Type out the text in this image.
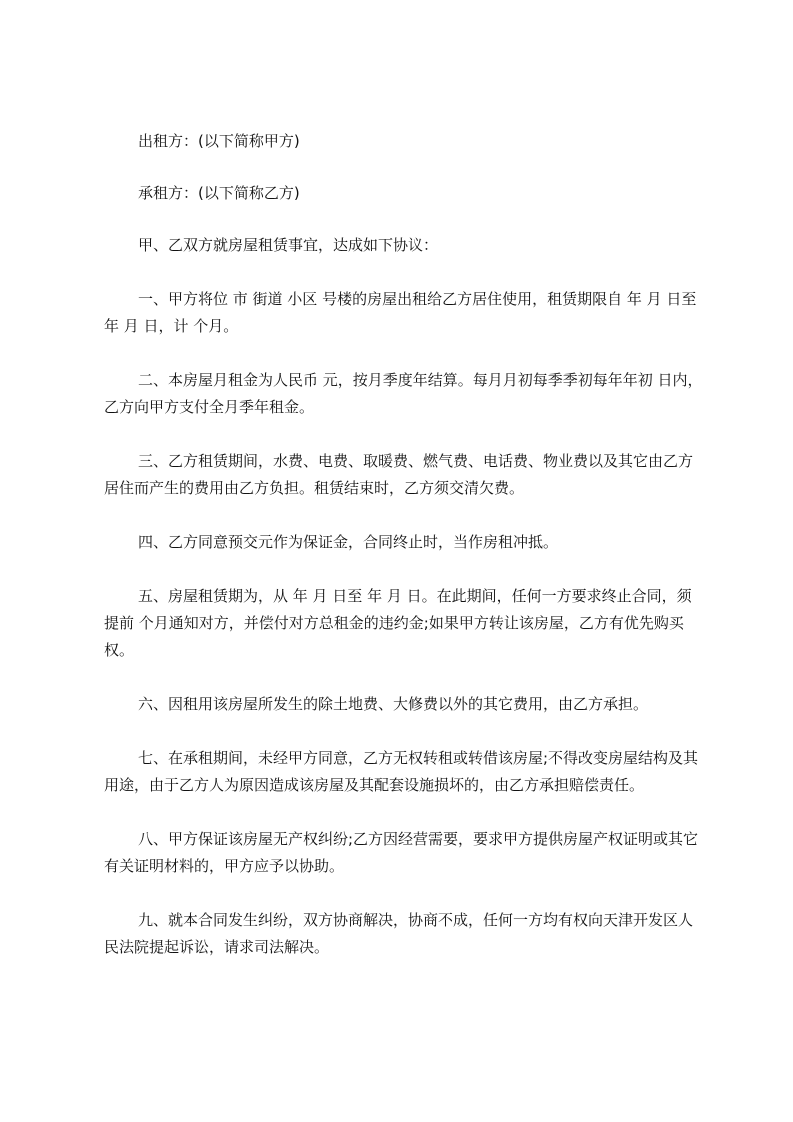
出租方：(以下简称甲方)

承租方：(以下简称乙方)

甲、乙双方就房屋租赁事宜，达成如下协议：

一、甲方将位 市 街道 小区 号楼的房屋出租给乙方居住使用，租赁期限自 年 月 日至 年 月 日，计 个月。

二、本房屋月租金为人民币 元，按月季度年结算。每月月初每季季初每年年初 日内，乙方向甲方支付全月季年租金。

三、乙方租赁期间，水费、电费、取暖费、燃气费、电话费、物业费以及其它由乙方居住而产生的费用由乙方负担。租赁结束时，乙方须交清欠费。

四、乙方同意预交元作为保证金，合同终止时，当作房租冲抵。

五、房屋租赁期为，从 年 月 日至 年 月 日。在此期间，任何一方要求终止合同，须提前 个月通知对方，并偿付对方总租金的违约金;如果甲方转让该房屋，乙方有优先购买权。

六、因租用该房屋所发生的除土地费、大修费以外的其它费用，由乙方承担。

七、在承租期间，未经甲方同意，乙方无权转租或转借该房屋;不得改变房屋结构及其用途，由于乙方人为原因造成该房屋及其配套设施损坏的，由乙方承担赔偿责任。

八、甲方保证该房屋无产权纠纷;乙方因经营需要，要求甲方提供房屋产权证明或其它有关证明材料的，甲方应予以协助。

九、就本合同发生纠纷，双方协商解决，协商不成，任何一方均有权向天津开发区人民法院提起诉讼，请求司法解决。
